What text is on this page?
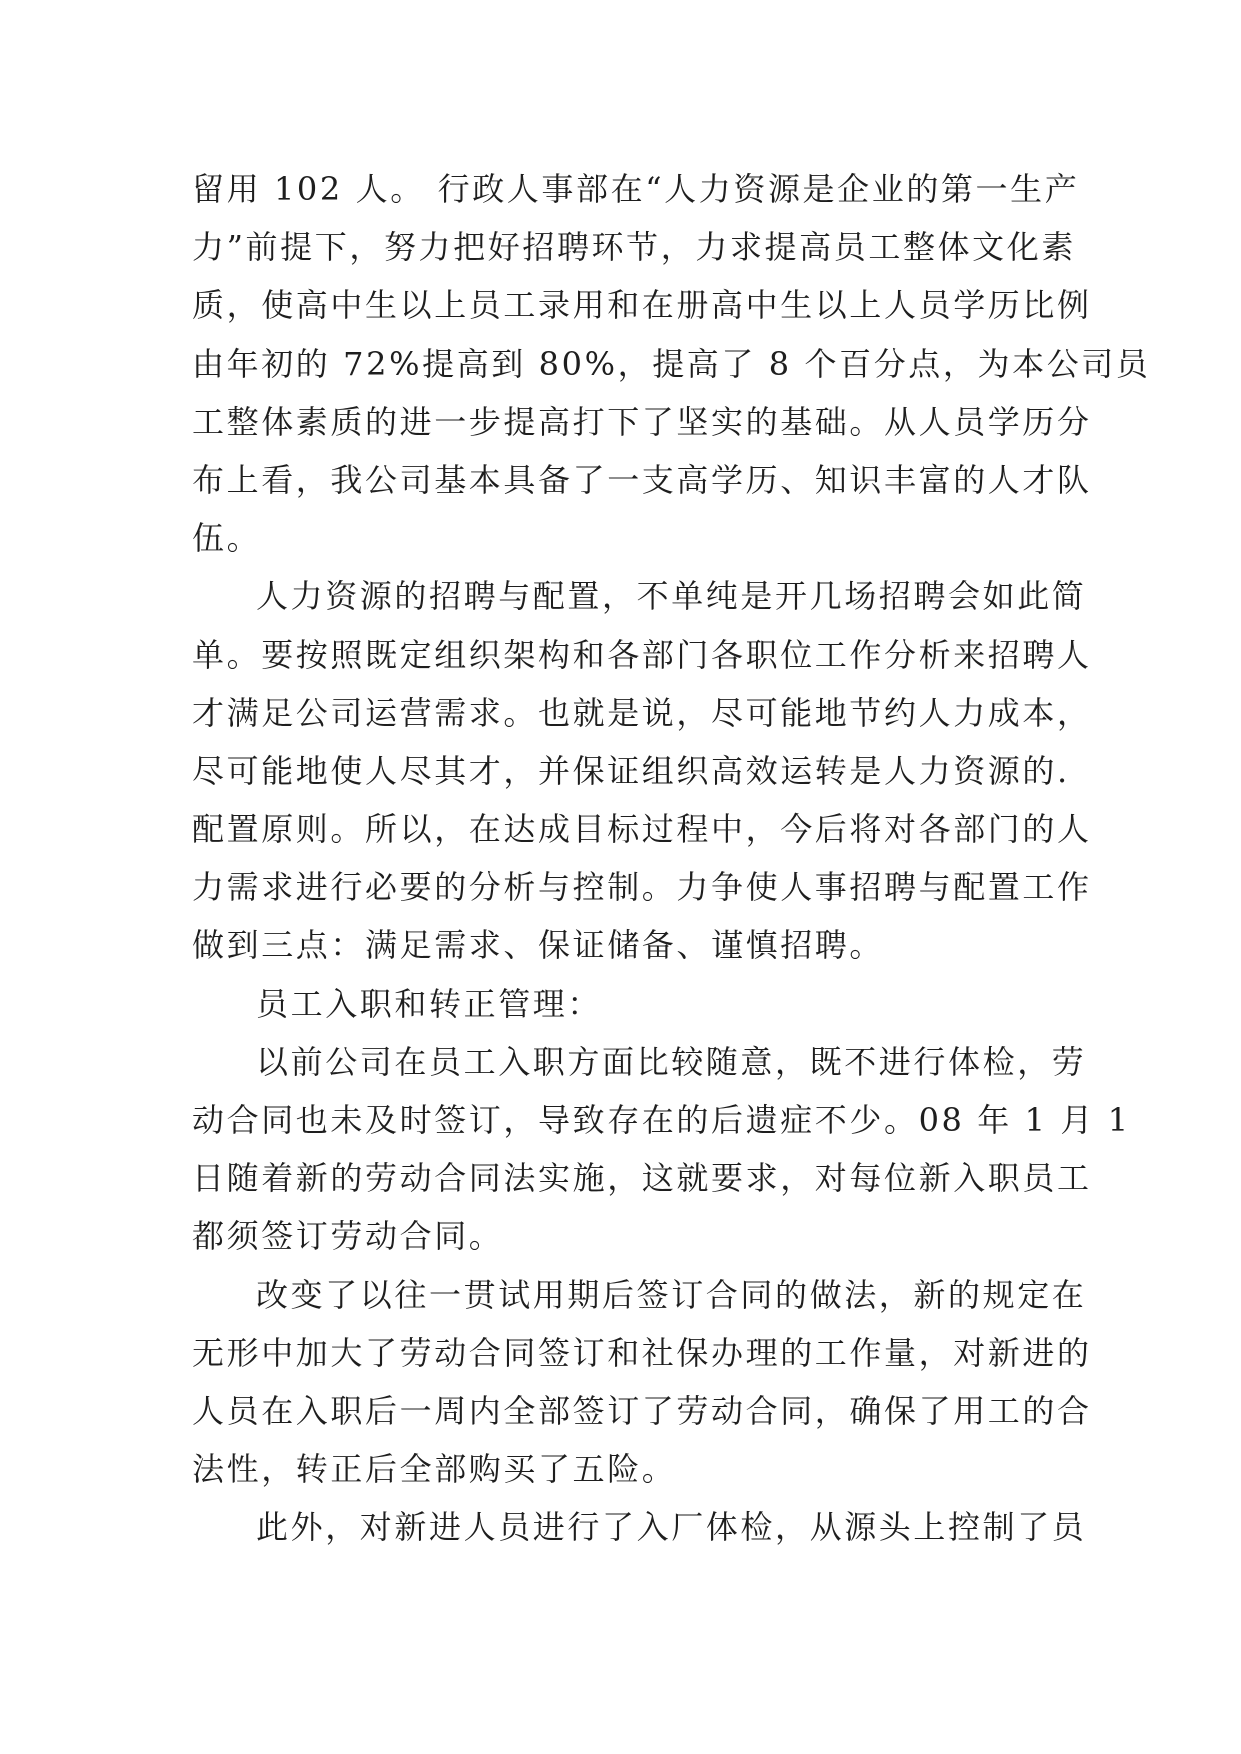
留用 102 人。 行政人事部在“人力资源是企业的第一生产
力”前提下，努力把好招聘环节，力求提高员工整体文化素
质，使高中生以上员工录用和在册高中生以上人员学历比例
由年初的 72%提高到 80%，提高了 8 个百分点，为本公司员
工整体素质的进一步提高打下了坚实的基础。从人员学历分
布上看，我公司基本具备了一支高学历、知识丰富的人才队
伍。
人力资源的招聘与配置，不单纯是开几场招聘会如此简
单。要按照既定组织架构和各部门各职位工作分析来招聘人
才满足公司运营需求。也就是说，尽可能地节约人力成本，
尽可能地使人尽其才，并保证组织高效运转是人力资源的.
配置原则。所以，在达成目标过程中，今后将对各部门的人
力需求进行必要的分析与控制。力争使人事招聘与配置工作
做到三点：满足需求、保证储备、谨慎招聘。
员工入职和转正管理：
以前公司在员工入职方面比较随意，既不进行体检，劳
动合同也未及时签订，导致存在的后遗症不少。08 年 1 月 1
日随着新的劳动合同法实施，这就要求，对每位新入职员工
都须签订劳动合同。
改变了以往一贯试用期后签订合同的做法，新的规定在
无形中加大了劳动合同签订和社保办理的工作量，对新进的
人员在入职后一周内全部签订了劳动合同，确保了用工的合
法性，转正后全部购买了五险。
此外，对新进人员进行了入厂体检，从源头上控制了员
